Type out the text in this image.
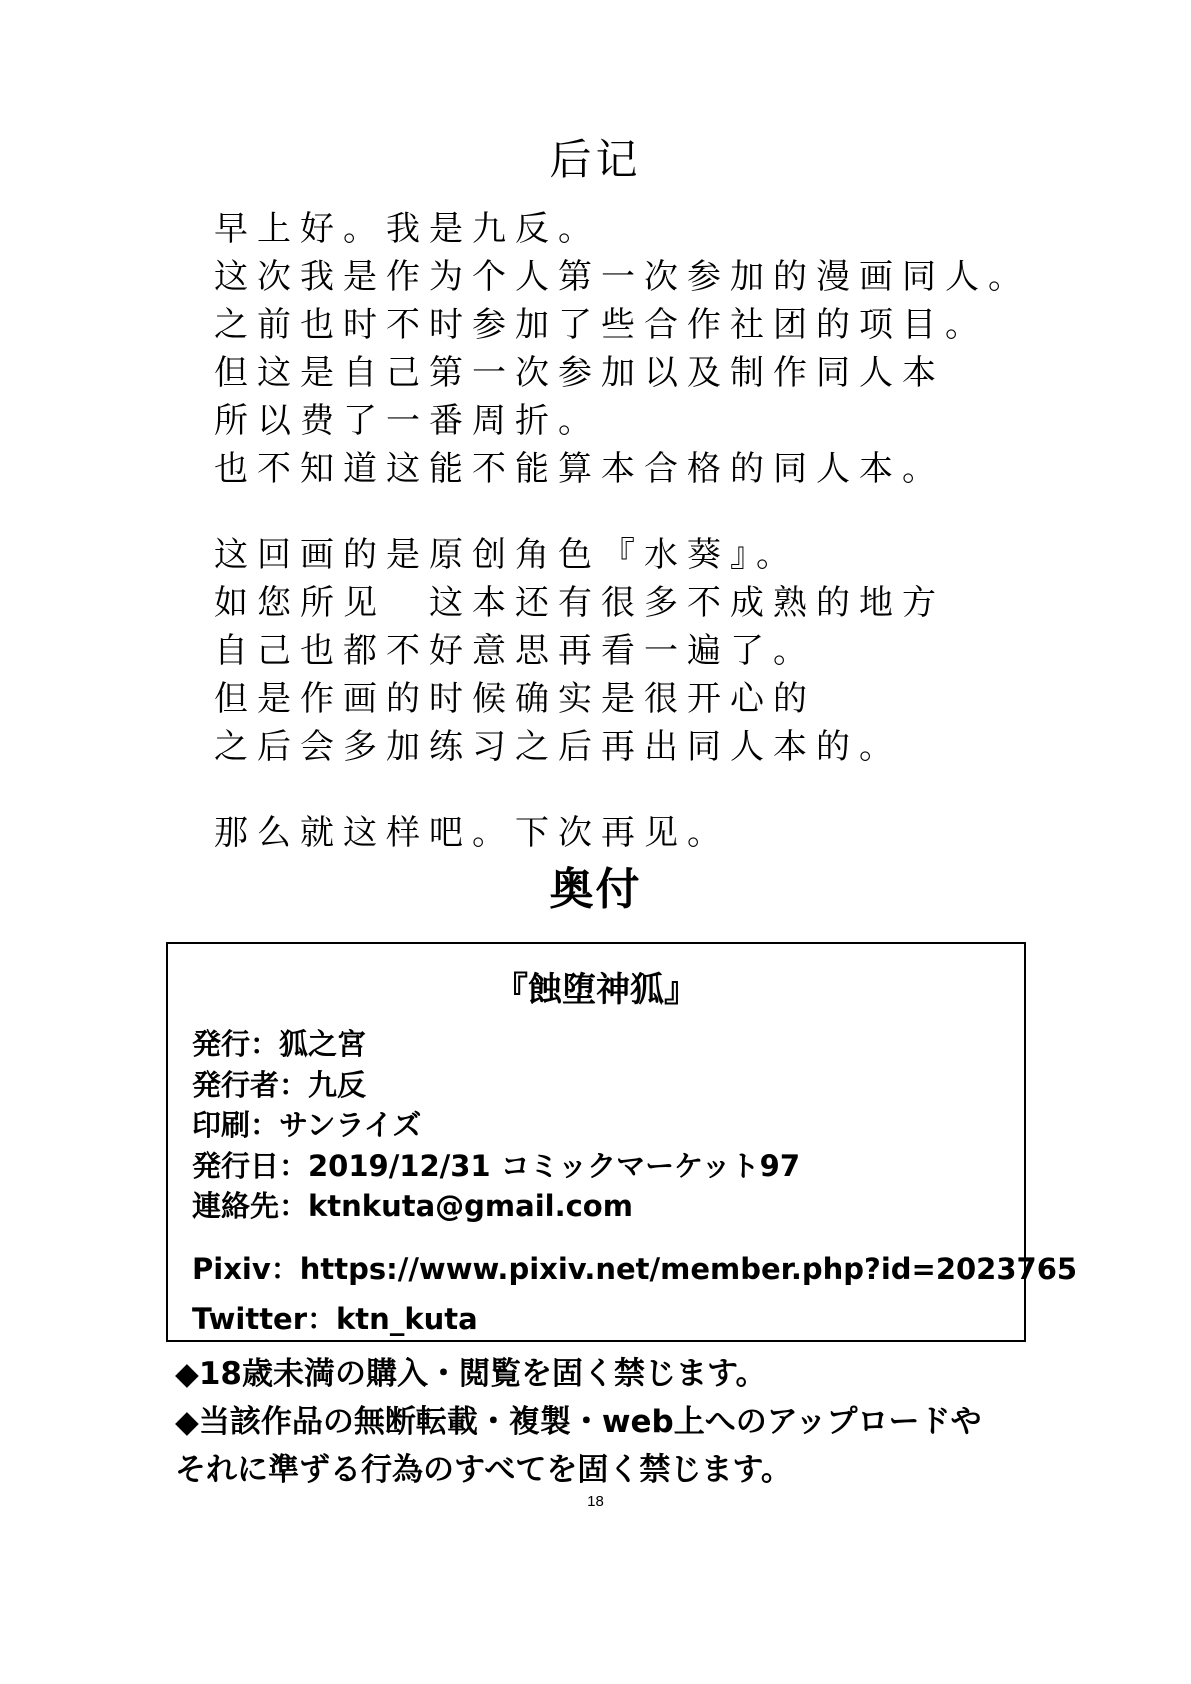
后记
早上好。我是九反。
这次我是作为个人第一次参加的漫画同人。
之前也时不时参加了些合作社团的项目。
但这是自己第一次参加以及制作同人本
所以费了一番周折。
也不知道这能不能算本合格的同人本。
这回画的是原创角色『水葵』。
如您所见　这本还有很多不成熟的地方
自己也都不好意思再看一遍了。
但是作画的时候确实是很开心的
之后会多加练习之后再出同人本的。
那么就这样吧。下次再见。
奥付
『蝕堕神狐』
発行：狐之宮
発行者：九反
印刷：サンライズ
発行日：2019/12/31 コミックマーケット97
連絡先：ktnkuta@gmail.com
Pixiv：https://www.pixiv.net/member.php?id=2023765
Twitter：ktn_kuta
◆18歳未満の購入・閲覧を固く禁じます。
◆当該作品の無断転載・複製・web上へのアップロードや
それに準ずる行為のすべてを固く禁じます。
18
